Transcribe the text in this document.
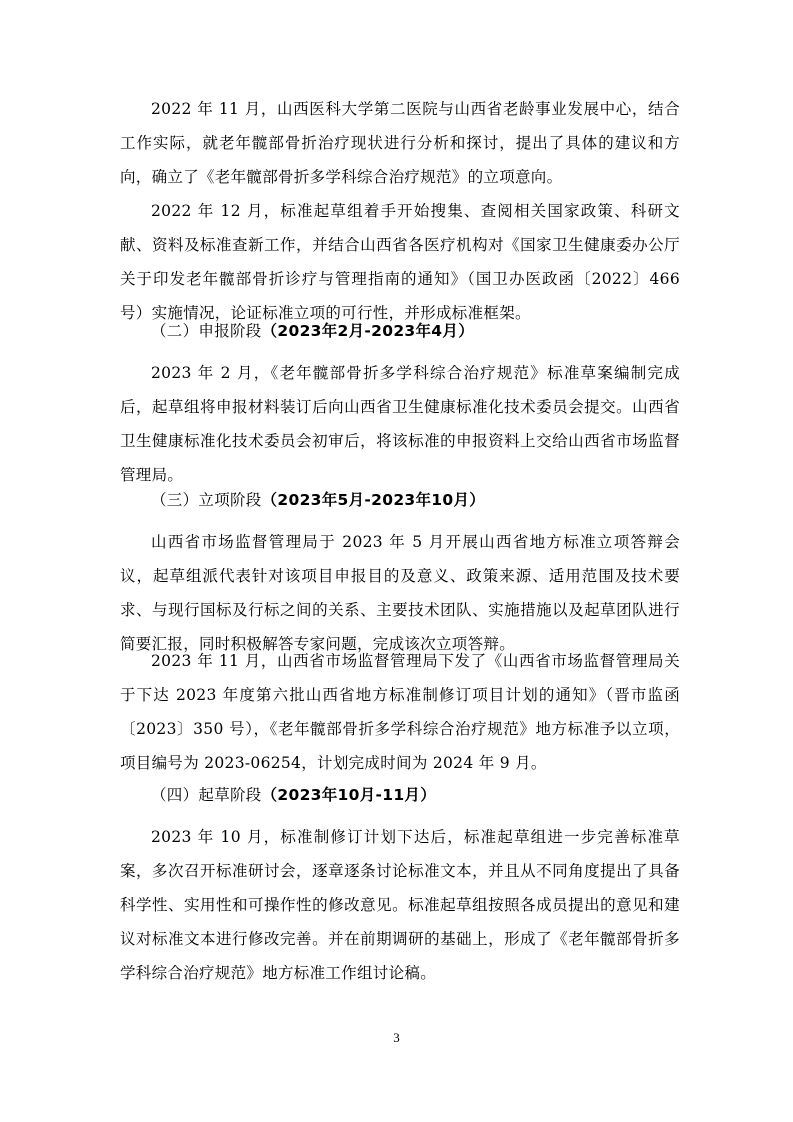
2022 年 11 月，山西医科大学第二医院与山西省老龄事业发展中心，结合工作实际，就老年髋部骨折治疗现状进行分析和探讨，提出了具体的建议和方向，确立了《老年髋部骨折多学科综合治疗规范》的立项意向。

2022 年 12 月，标准起草组着手开始搜集、查阅相关国家政策、科研文献、资料及标准查新工作，并结合山西省各医疗机构对《国家卫生健康委办公厅关于印发老年髋部骨折诊疗与管理指南的通知》（国卫办医政函〔2022〕466 号）实施情况，论证标准立项的可行性，并形成标准框架。

（二）申报阶段（2023年2月-2023年4月）

2023 年 2 月，《老年髋部骨折多学科综合治疗规范》标准草案编制完成后，起草组将申报材料装订后向山西省卫生健康标准化技术委员会提交。山西省卫生健康标准化技术委员会初审后，将该标准的申报资料上交给山西省市场监督管理局。

（三）立项阶段（2023年5月-2023年10月）

山西省市场监督管理局于 2023 年 5 月开展山西省地方标准立项答辩会议，起草组派代表针对该项目申报目的及意义、政策来源、适用范围及技术要求、与现行国标及行标之间的关系、主要技术团队、实施措施以及起草团队进行简要汇报，同时积极解答专家问题，完成该次立项答辩。

2023 年 11 月，山西省市场监督管理局下发了《山西省市场监督管理局关于下达 2023 年度第六批山西省地方标准制修订项目计划的通知》（晋市监函〔2023〕350 号），《老年髋部骨折多学科综合治疗规范》地方标准予以立项，项目编号为 2023-06254，计划完成时间为 2024 年 9 月。

（四）起草阶段（2023年10月-11月）

2023 年 10 月，标准制修订计划下达后，标准起草组进一步完善标准草案，多次召开标准研讨会，逐章逐条讨论标准文本，并且从不同角度提出了具备科学性、实用性和可操作性的修改意见。标准起草组按照各成员提出的意见和建议对标准文本进行修改完善。并在前期调研的基础上，形成了《老年髋部骨折多学科综合治疗规范》地方标准工作组讨论稿。

3
